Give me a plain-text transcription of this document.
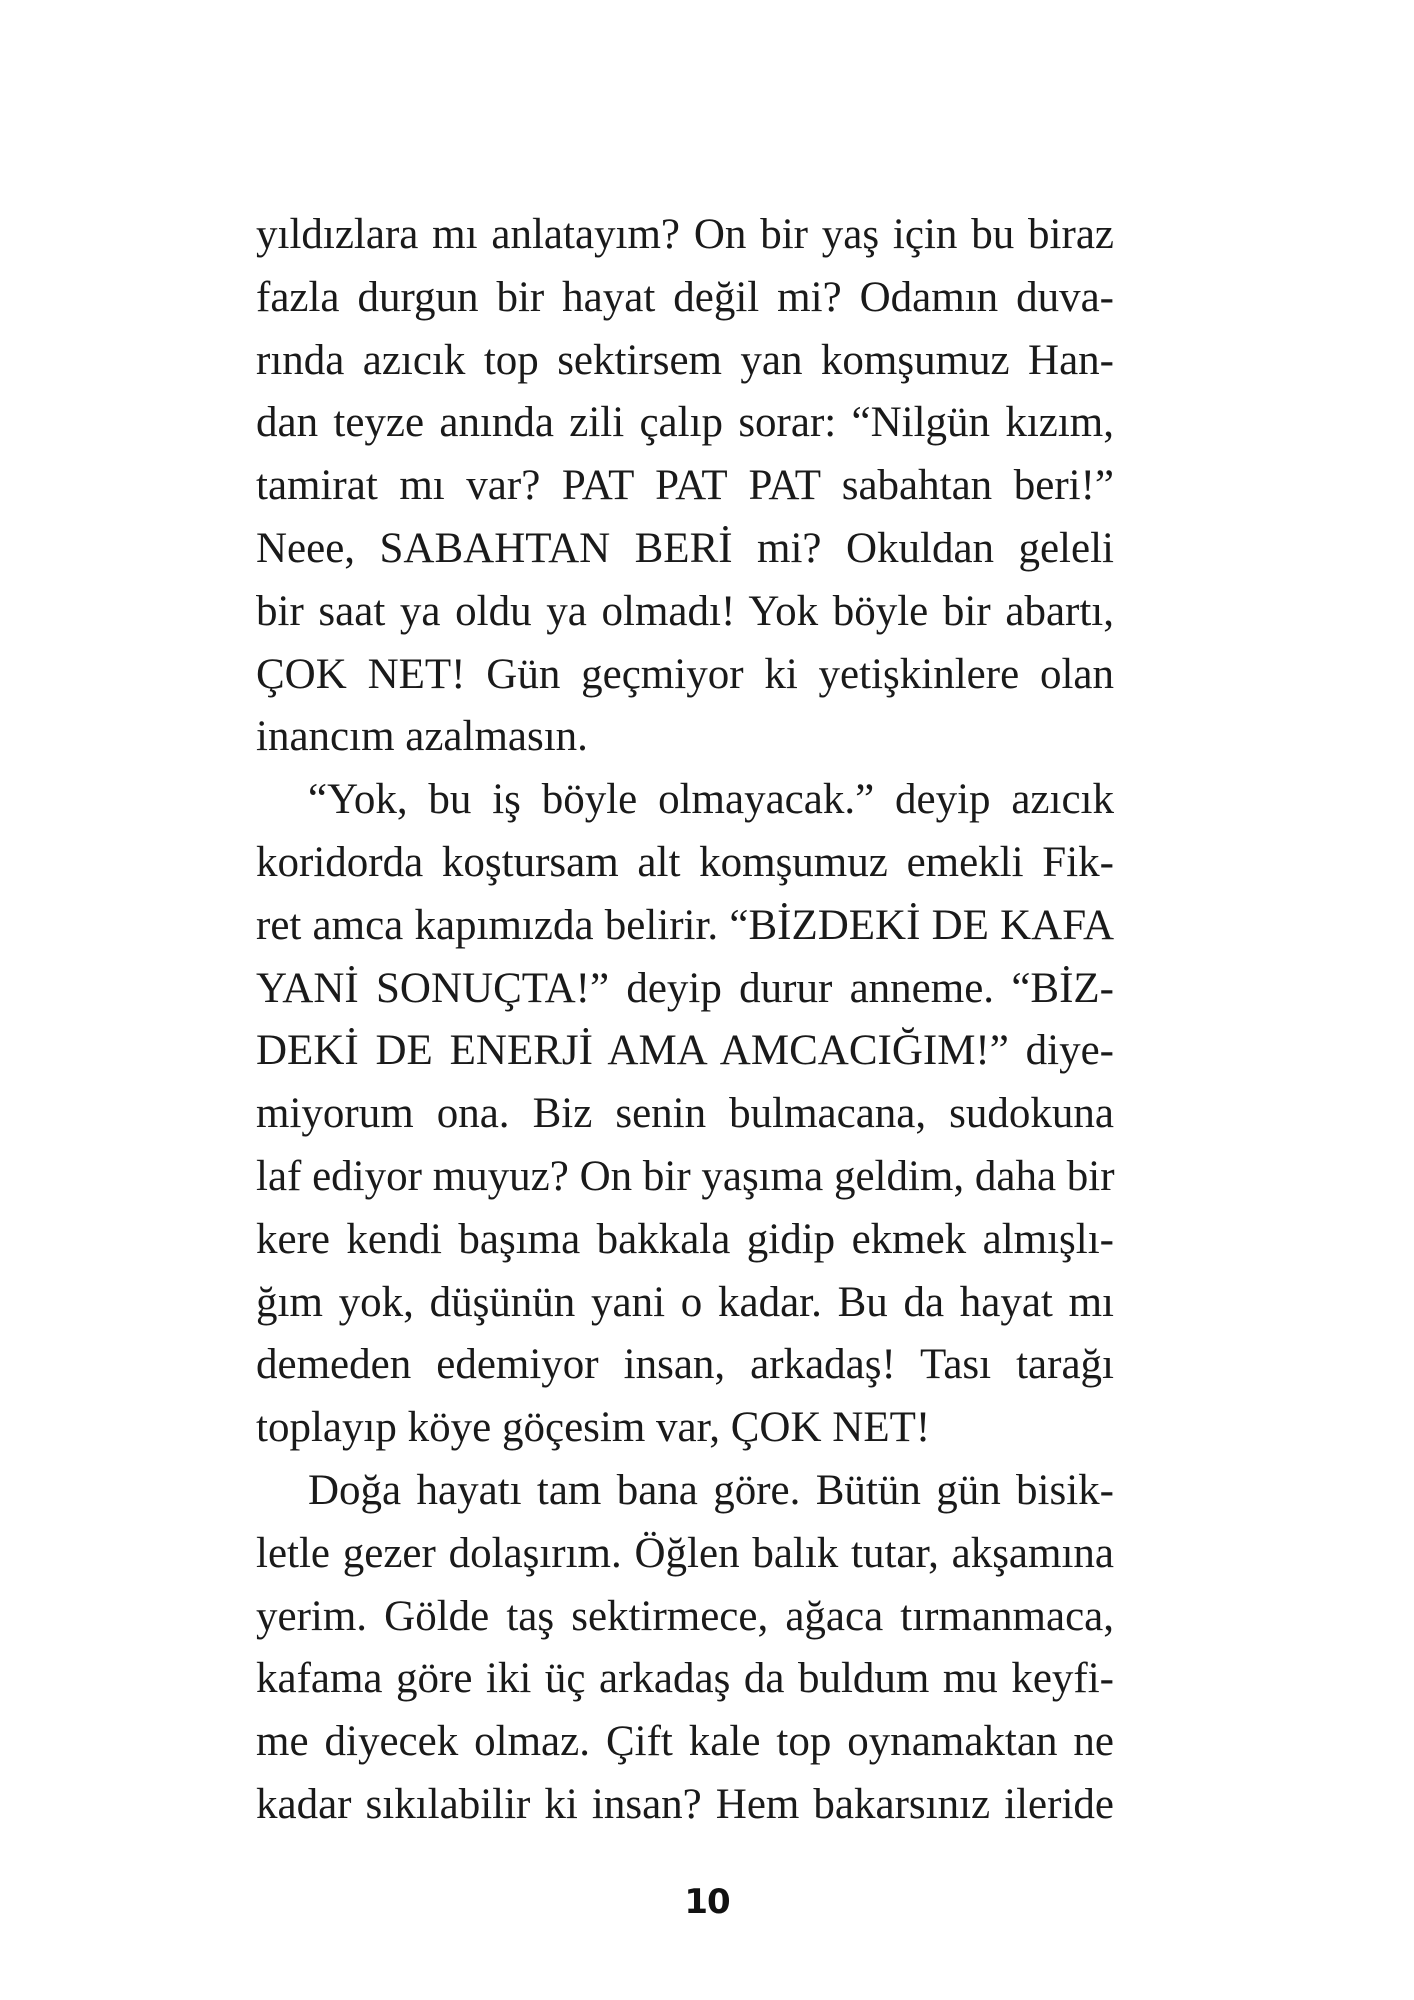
yıldızlara mı anlatayım? On bir yaş için bu biraz
fazla durgun bir hayat değil mi? Odamın duva-
rında azıcık top sektirsem yan komşumuz Han-
dan teyze anında zili çalıp sorar: “Nilgün kızım,
tamirat mı var? PAT PAT PAT sabahtan beri!”
Neee, SABAHTAN BERİ mi? Okuldan geleli
bir saat ya oldu ya olmadı! Yok böyle bir abartı,
ÇOK NET! Gün geçmiyor ki yetişkinlere olan
inancım azalmasın.
“Yok, bu iş böyle olmayacak.” deyip azıcık
koridorda koştursam alt komşumuz emekli Fik-
ret amca kapımızda belirir. “BİZDEKİ DE KAFA
YANİ SONUÇTA!” deyip durur anneme. “BİZ-
DEKİ DE ENERJİ AMA AMCACIĞIM!” diye-
miyorum ona. Biz senin bulmacana, sudokuna
laf ediyor muyuz? On bir yaşıma geldim, daha bir
kere kendi başıma bakkala gidip ekmek almışlı-
ğım yok, düşünün yani o kadar. Bu da hayat mı
demeden edemiyor insan, arkadaş! Tası tarağı
toplayıp köye göçesim var, ÇOK NET!
Doğa hayatı tam bana göre. Bütün gün bisik-
letle gezer dolaşırım. Öğlen balık tutar, akşamına
yerim. Gölde taş sektirmece, ağaca tırmanmaca,
kafama göre iki üç arkadaş da buldum mu keyfi-
me diyecek olmaz. Çift kale top oynamaktan ne
kadar sıkılabilir ki insan? Hem bakarsınız ileride
10
